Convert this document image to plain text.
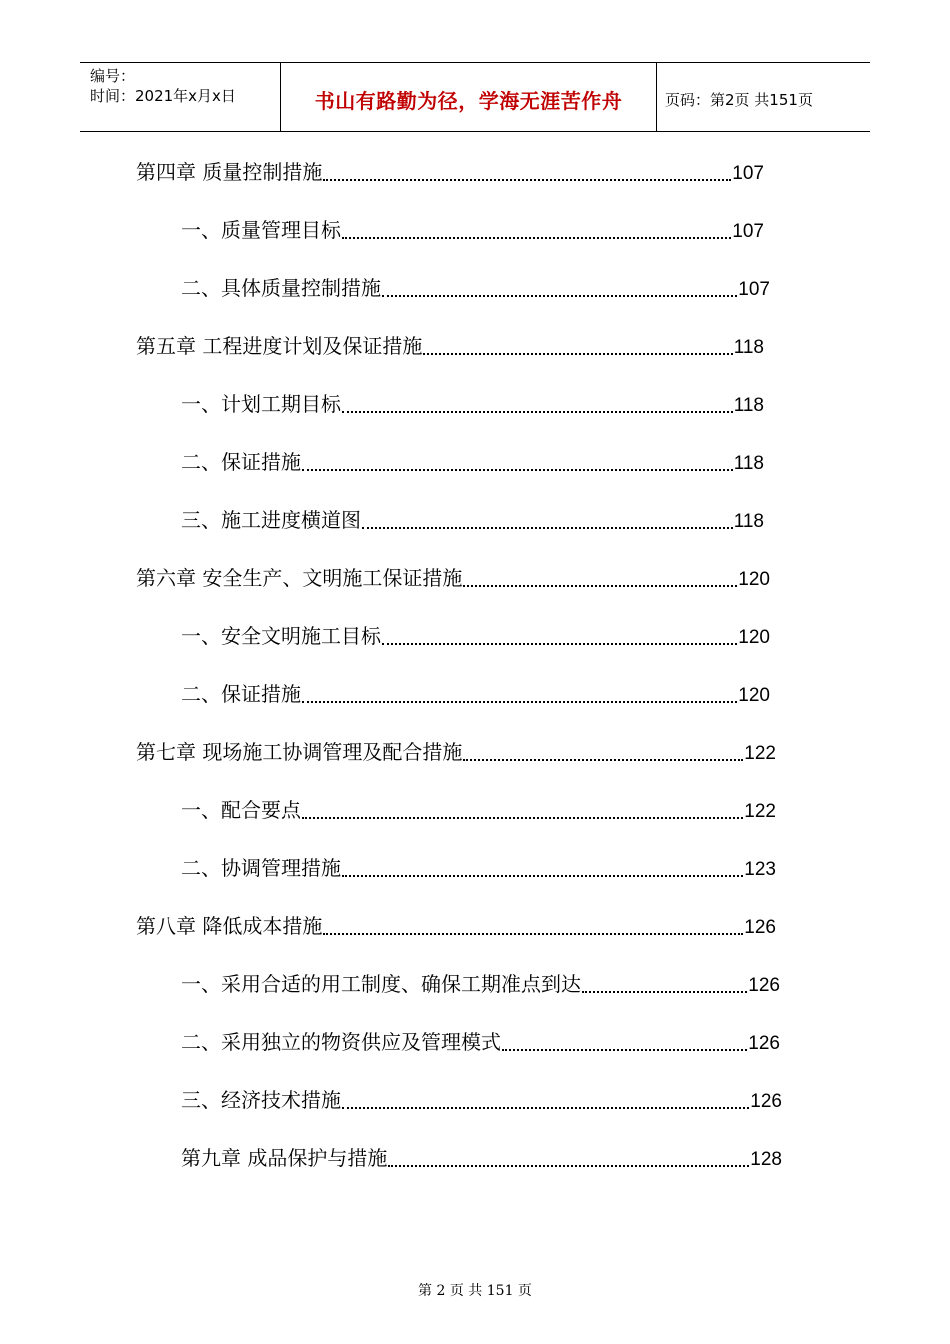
编号：
时间：2021年x月x日	书山有路勤为径，学海无涯苦作舟	页码：第2页 共151页
第四章 质量控制措施	107
一、质量管理目标	107
二、具体质量控制措施	107
第五章 工程进度计划及保证措施	118
一、计划工期目标	118
二、保证措施	118
三、施工进度横道图	118
第六章 安全生产、文明施工保证措施	120
一、安全文明施工目标	120
二、保证措施	120
第七章 现场施工协调管理及配合措施	122
一、配合要点	122
二、协调管理措施	123
第八章 降低成本措施	126
一、采用合适的用工制度、确保工期准点到达	126
二、采用独立的物资供应及管理模式	126
三、经济技术措施	126
第九章 成品保护与措施	128
第 2 页 共 151 页
